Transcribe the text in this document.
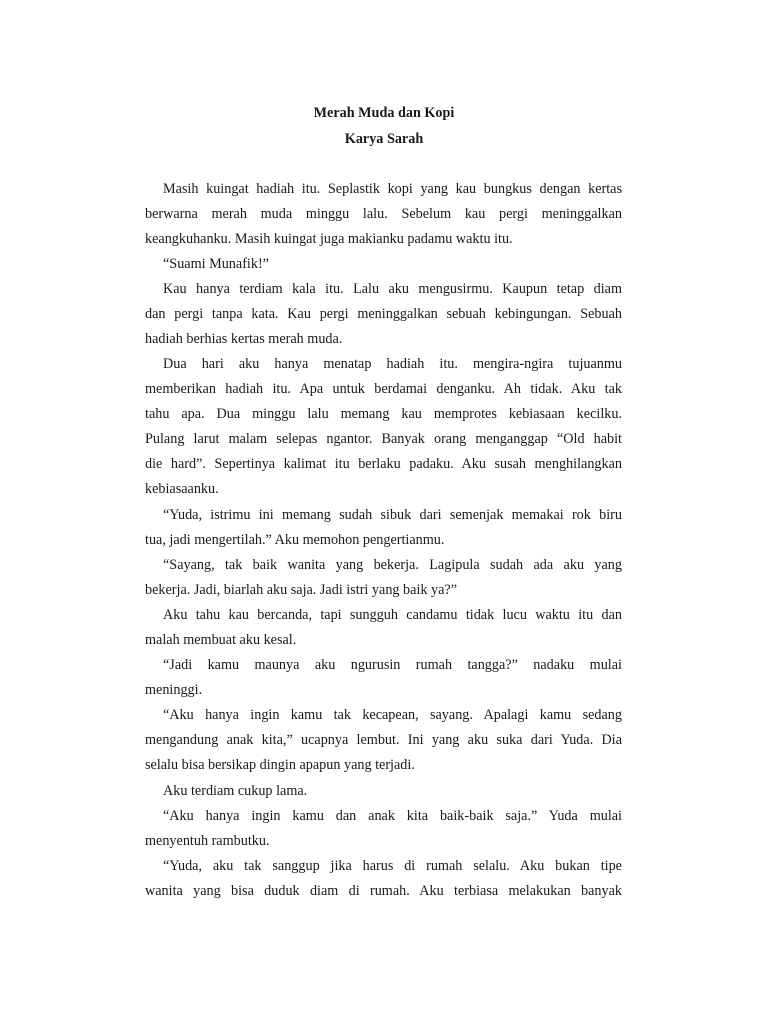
Merah Muda dan Kopi
Karya Sarah
Masih kuingat hadiah itu. Seplastik kopi yang kau bungkus dengan kertas
berwarna merah muda minggu lalu. Sebelum kau pergi meninggalkan
keangkuhanku. Masih kuingat juga makianku padamu waktu itu.
“Suami Munafik!”
Kau hanya terdiam kala itu. Lalu aku mengusirmu. Kaupun tetap diam
dan pergi tanpa kata. Kau pergi meninggalkan sebuah kebingungan. Sebuah
hadiah berhias kertas merah muda.
Dua hari aku hanya menatap hadiah itu. mengira-ngira tujuanmu
memberikan hadiah itu. Apa untuk berdamai denganku. Ah tidak. Aku tak
tahu apa. Dua minggu lalu memang kau memprotes kebiasaan kecilku.
Pulang larut malam selepas ngantor. Banyak orang menganggap “Old habit
die hard”. Sepertinya kalimat itu berlaku padaku. Aku susah menghilangkan
kebiasaanku.
“Yuda, istrimu ini memang sudah sibuk dari semenjak memakai rok biru
tua, jadi mengertilah.” Aku memohon pengertianmu.
“Sayang, tak baik wanita yang bekerja. Lagipula sudah ada aku yang
bekerja. Jadi, biarlah aku saja. Jadi istri yang baik ya?”
Aku tahu kau bercanda, tapi sungguh candamu tidak lucu waktu itu dan
malah membuat aku kesal.
“Jadi kamu maunya aku ngurusin rumah tangga?” nadaku mulai
meninggi.
“Aku hanya ingin kamu tak kecapean, sayang. Apalagi kamu sedang
mengandung anak kita,” ucapnya lembut. Ini yang aku suka dari Yuda. Dia
selalu bisa bersikap dingin apapun yang terjadi.
Aku terdiam cukup lama.
“Aku hanya ingin kamu dan anak kita baik-baik saja.” Yuda mulai
menyentuh rambutku.
“Yuda, aku tak sanggup jika harus di rumah selalu. Aku bukan tipe
wanita yang bisa duduk diam di rumah. Aku terbiasa melakukan banyak
